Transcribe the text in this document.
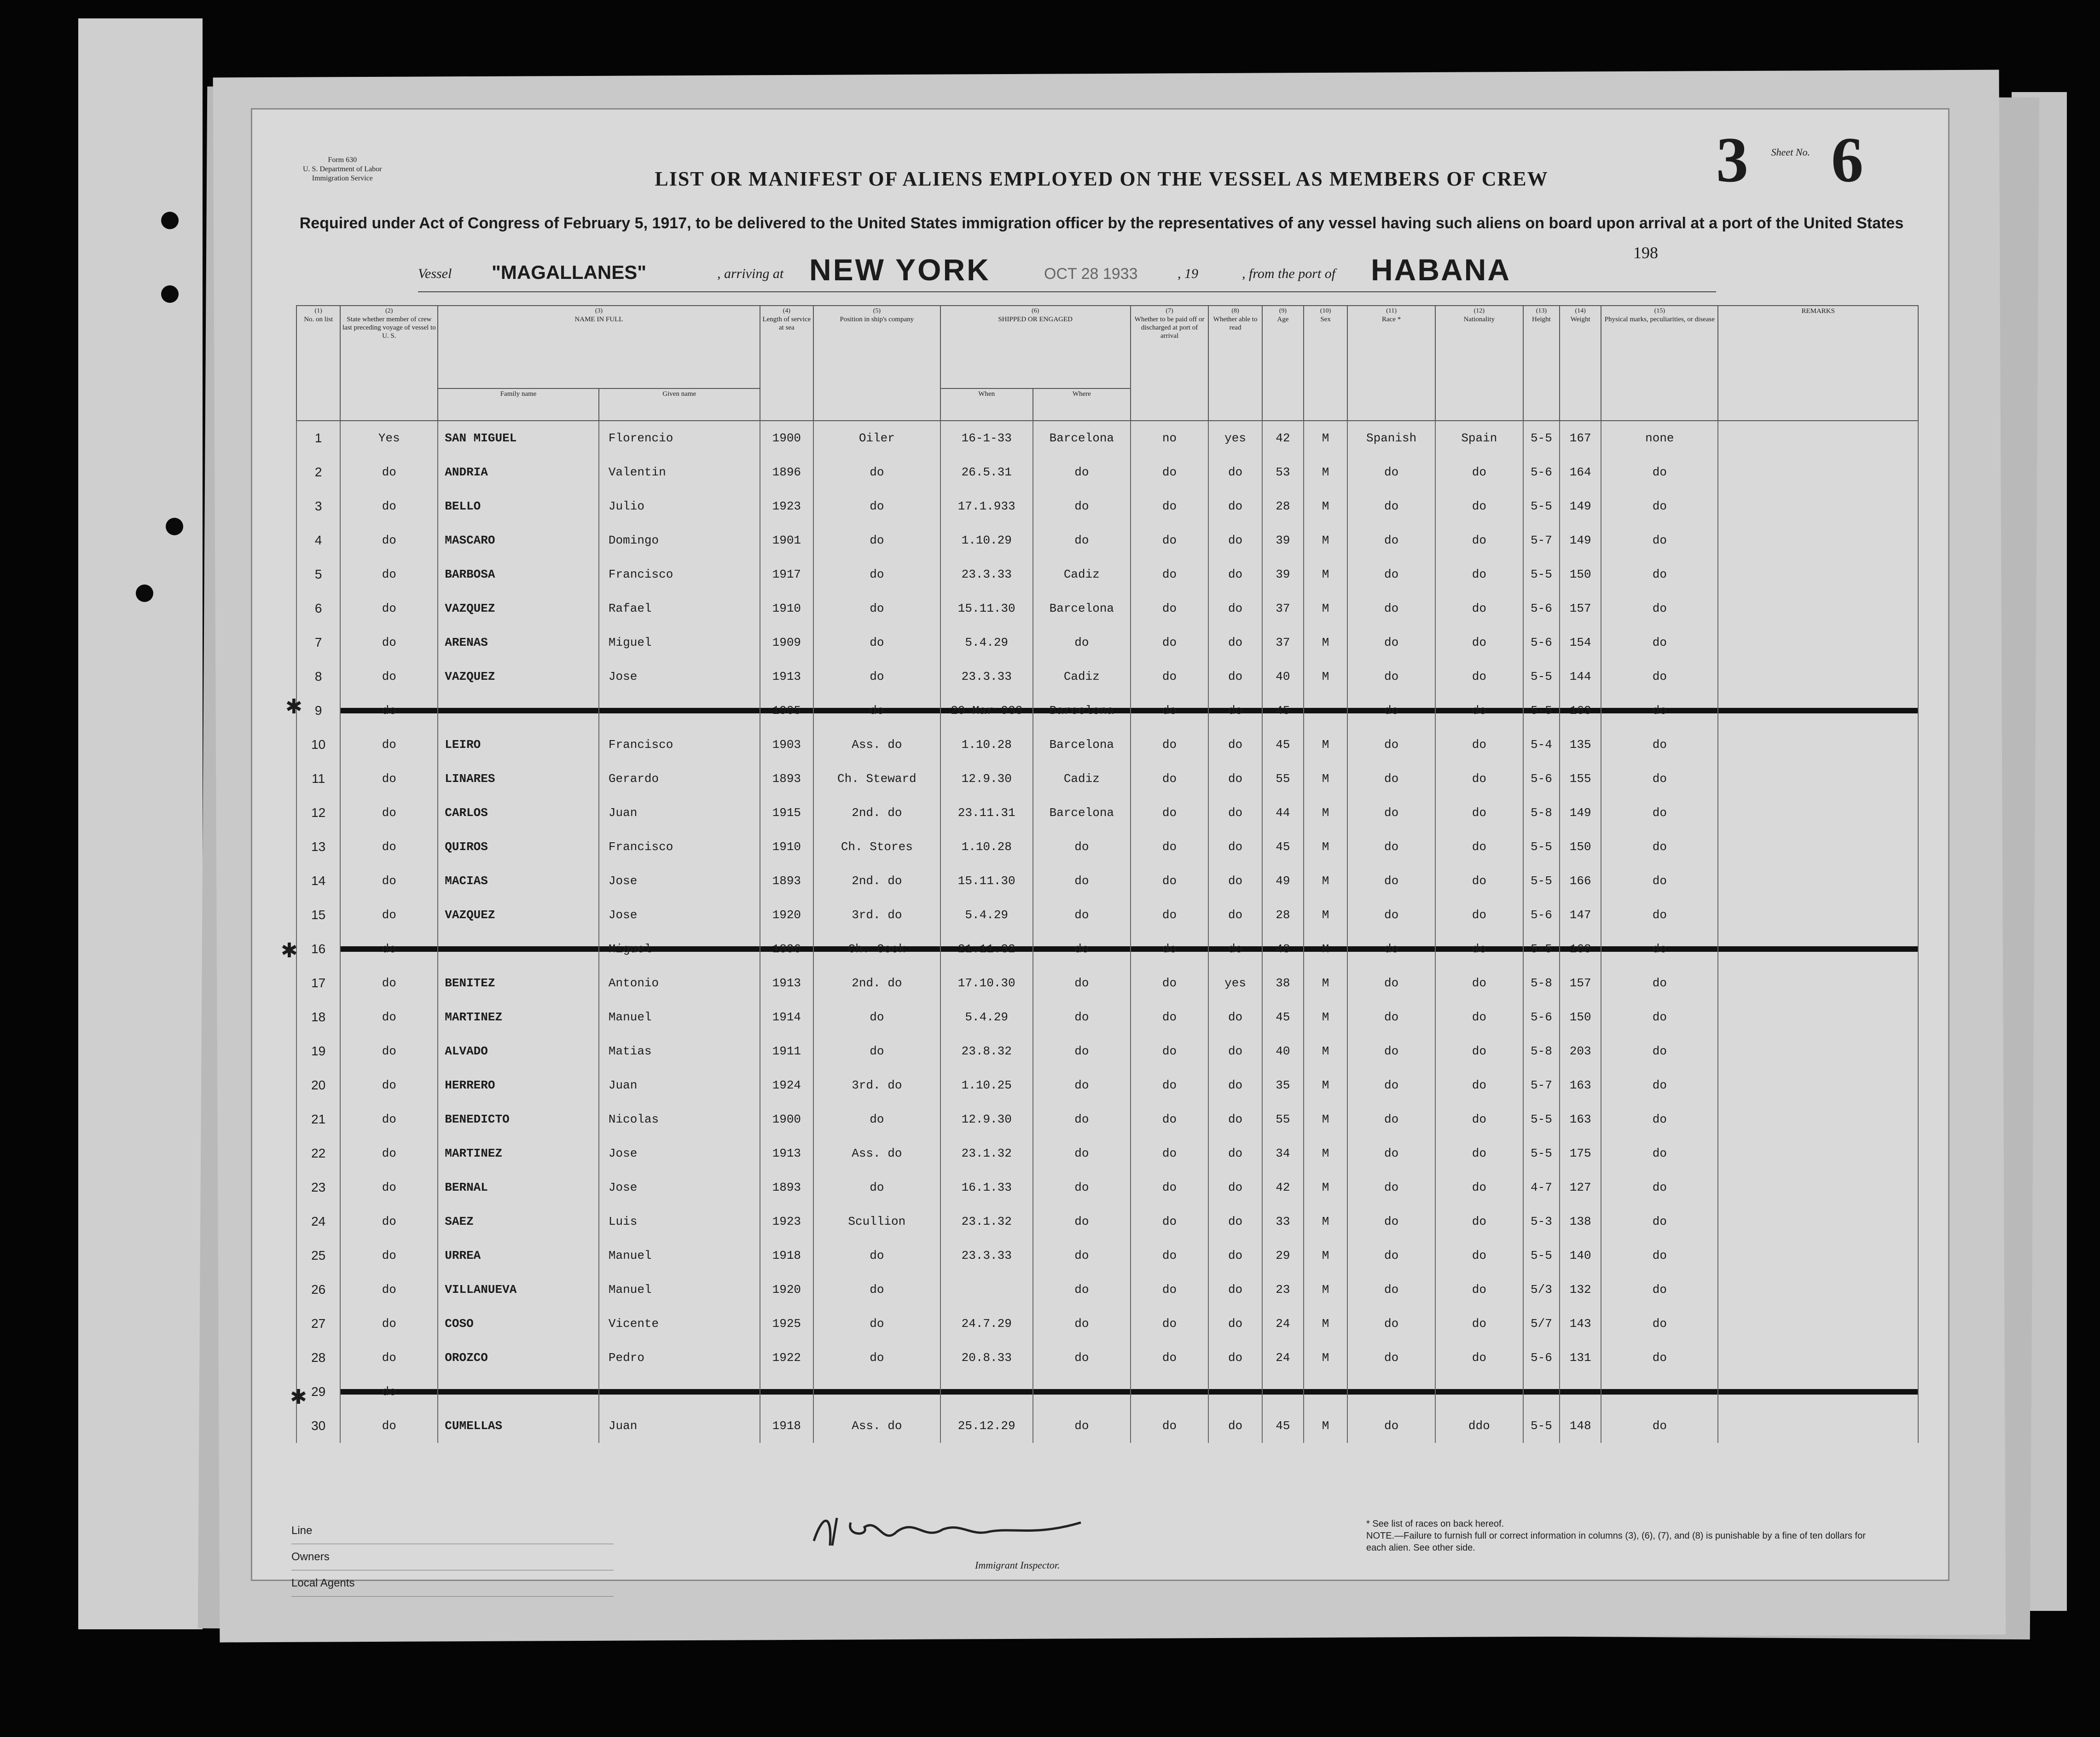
Form 630
U. S. Department of Labor
Immigration Service
Sheet No.
3 6
LIST OR MANIFEST OF ALIENS EMPLOYED ON THE VESSEL AS MEMBERS OF CREW
Required under Act of Congress of February 5, 1917, to be delivered to the United States immigration officer by the representatives of any vessel having such aliens on board upon arrival at a port of the United States
Vessel "MAGALLANES"	, arriving at NEW YORK	OCT 28 1933	, 19	, from the port of HABANA	198
(1)
No. on list	(2)
State whether member of crew last preceding voyage of vessel to U. S.	(3)
NAME IN FULL		(4)
Length of service at sea	(5)
Position in ship's company	(6)
SHIPPED OR ENGAGED		(7)
Whether to be paid off or discharged at port of arrival	(8)
Whether able to read	(9)
Age	(10)
Sex	(11)
Race *	(12)
Nationality	(13)
Height	(14)
Weight	(15)
Physical marks, peculiarities, or disease	REMARKS
		Family name	Given name			When	Where										
1	Yes	SAN MIGUEL	Florencio	1900	Oiler	16-1-33	Barcelona	no	yes	42	M	Spanish	Spain	5-5	167	none	
2	do	ANDRIA	Valentin	1896	do	26.5.31	do	do	do	53	M	do	do	5-6	164	do	
3	do	BELLO	Julio	1923	do	17.1.933	do	do	do	28	M	do	do	5-5	149	do	
4	do	MASCARO	Domingo	1901	do	1.10.29	do	do	do	39	M	do	do	5-7	149	do	
5	do	BARBOSA	Francisco	1917	do	23.3.33	Cadiz	do	do	39	M	do	do	5-5	150	do	
6	do	VAZQUEZ	Rafael	1910	do	15.11.30	Barcelona	do	do	37	M	do	do	5-6	157	do	
7	do	ARENAS	Miguel	1909	do	5.4.29	do	do	do	37	M	do	do	5-6	154	do	
8	do	VAZQUEZ	Jose	1913	do	23.3.33	Cadiz	do	do	40	M	do	do	5-5	144	do	
9	do			1905	do	20 Mar 933	Barcelona	do	do	45		do	do	5-5	163	do	
10	do	LEIRO	Francisco	1903	Ass. do	1.10.28	Barcelona	do	do	45	M	do	do	5-4	135	do	
11	do	LINARES	Gerardo	1893	Ch. Steward	12.9.30	Cadiz	do	do	55	M	do	do	5-6	155	do	
12	do	CARLOS	Juan	1915	2nd. do	23.11.31	Barcelona	do	do	44	M	do	do	5-8	149	do	
13	do	QUIROS	Francisco	1910	Ch. Stores	1.10.28	do	do	do	45	M	do	do	5-5	150	do	
14	do	MACIAS	Jose	1893	2nd. do	15.11.30	do	do	do	49	M	do	do	5-5	166	do	
15	do	VAZQUEZ	Jose	1920	3rd. do	5.4.29	do	do	do	28	M	do	do	5-6	147	do	
16	do		Miguel	1896	Ch. Cook	21.11.32	do	do	do	48	M	do	do	5-5	168	do	
17	do	BENITEZ	Antonio	1913	2nd. do	17.10.30	do	do	yes	38	M	do	do	5-8	157	do	
18	do	MARTINEZ	Manuel	1914	do	5.4.29	do	do	do	45	M	do	do	5-6	150	do	
19	do	ALVADO	Matias	1911	do	23.8.32	do	do	do	40	M	do	do	5-8	203	do	
20	do	HERRERO	Juan	1924	3rd. do	1.10.25	do	do	do	35	M	do	do	5-7	163	do	
21	do	BENEDICTO	Nicolas	1900	do	12.9.30	do	do	do	55	M	do	do	5-5	163	do	
22	do	MARTINEZ	Jose	1913	Ass. do	23.1.32	do	do	do	34	M	do	do	5-5	175	do	
23	do	BERNAL	Jose	1893	do	16.1.33	do	do	do	42	M	do	do	4-7	127	do	
24	do	SAEZ	Luis	1923	Scullion	23.1.32	do	do	do	33	M	do	do	5-3	138	do	
25	do	URREA	Manuel	1918	do	23.3.33	do	do	do	29	M	do	do	5-5	140	do	
26	do	VILLANUEVA	Manuel	1920	do		do	do	do	23	M	do	do	5/3	132	do	
27	do	COSO	Vicente	1925	do	24.7.29	do	do	do	24	M	do	do	5/7	143	do	
28	do	OROZCO	Pedro	1922	do	20.8.33	do	do	do	24	M	do	do	5-6	131	do	
29	do																
30	do	CUMELLAS	Juan	1918	Ass. do	25.12.29	do	do	do	45	M	do	ddo	5-5	148	do	
Line
Owners
Local Agents
Immigrant Inspector.
* See list of races on back hereof.
NOTE.—Failure to furnish full or correct information in columns (3), (6), (7), and (8) is punishable by a fine of ten dollars for each alien. See other side.
✱
✱
✱
